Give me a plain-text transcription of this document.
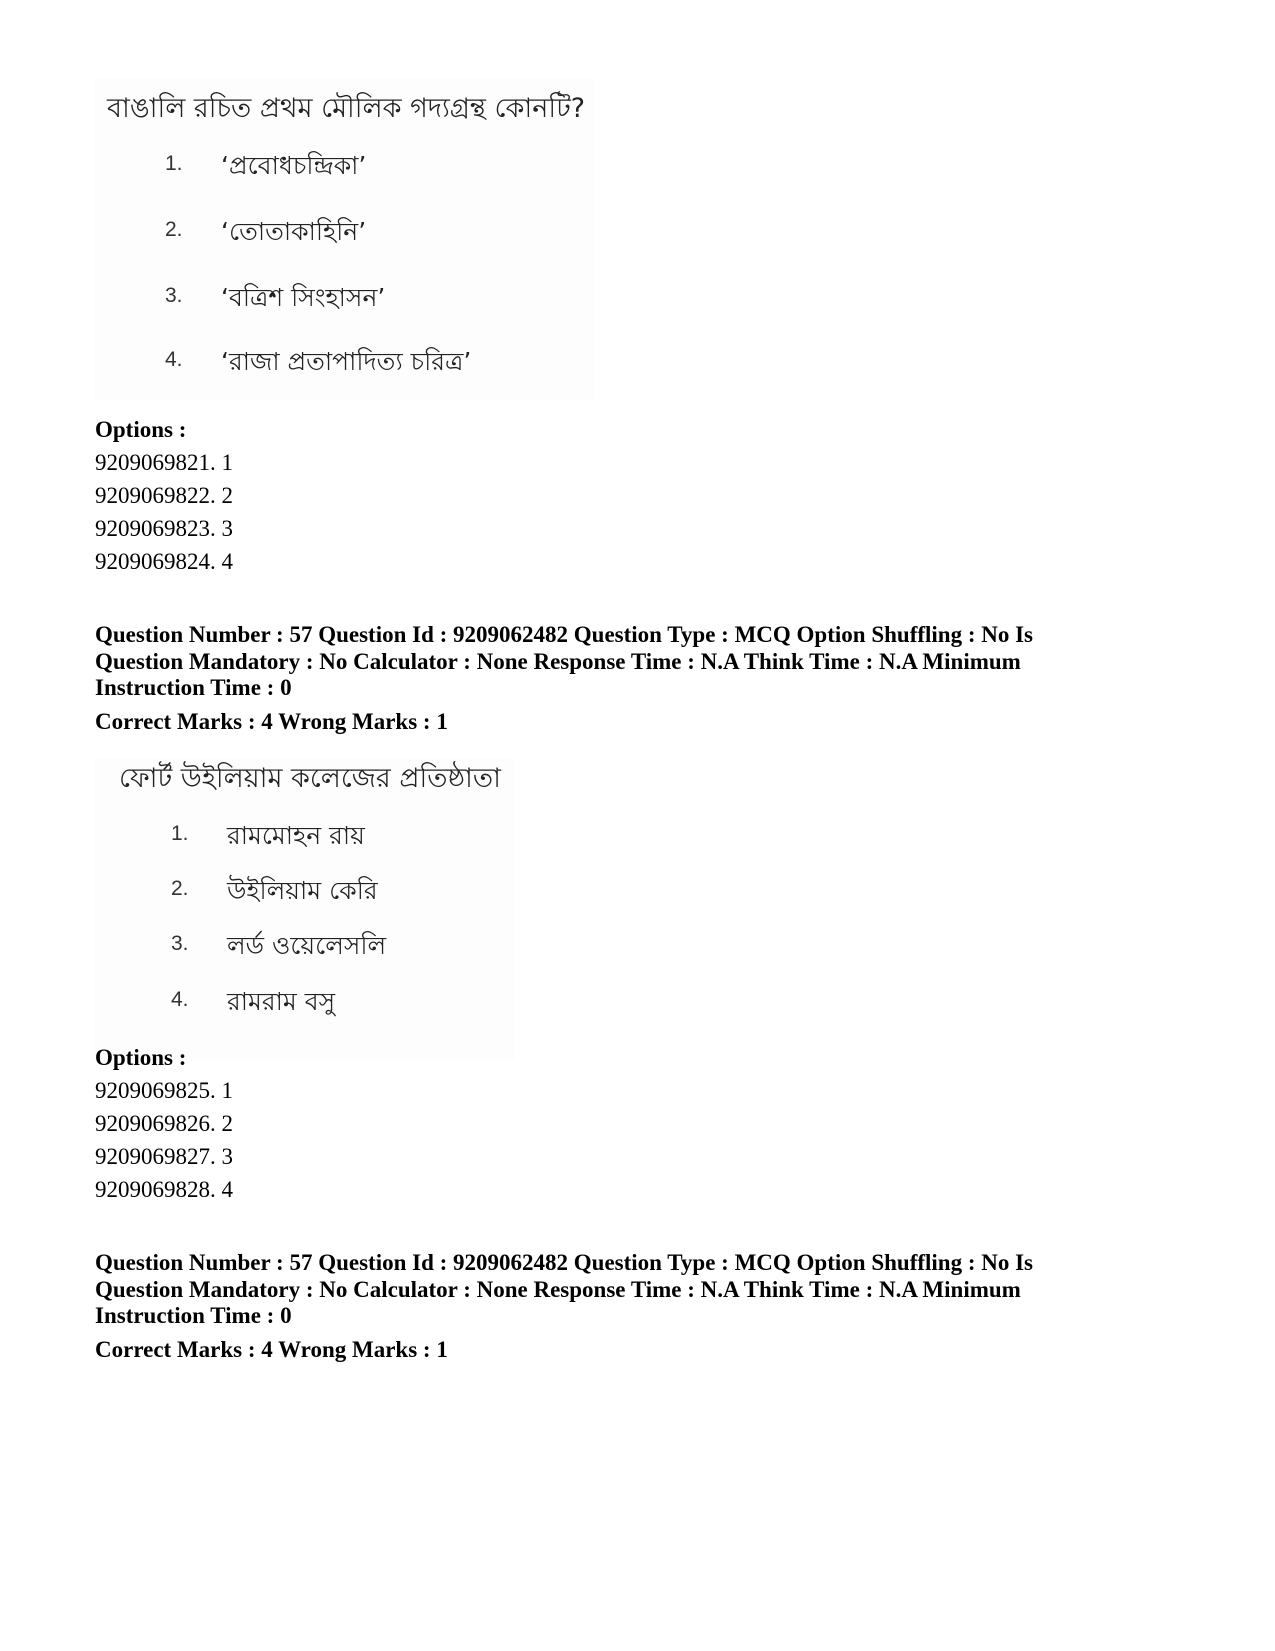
বাঙালি রচিত প্রথম মৌলিক গদ্যগ্রন্থ কোনটি?
1. ‘প্রবোধচন্দ্রিকা’
2. ‘তোতাকাহিনি’
3. ‘বত্রিশ সিংহাসন’
4. ‘রাজা প্রতাপাদিত্য চরিত্র’

Options :

9209069821. 1

9209069822. 2

9209069823. 3

9209069824. 4

Question Number : 57 Question Id : 9209062482 Question Type : MCQ Option Shuffling : No Is Question Mandatory : No Calculator : None Response Time : N.A Think Time : N.A Minimum Instruction Time : 0

Correct Marks : 4 Wrong Marks : 1

ফোর্ট উইলিয়াম কলেজের প্রতিষ্ঠাতা
1. রামমোহন রায়
2. উইলিয়াম কেরি
3. লর্ড ওয়েলেসলি
4. রামরাম বসু

Options :

9209069825. 1

9209069826. 2

9209069827. 3

9209069828. 4

Question Number : 57 Question Id : 9209062482 Question Type : MCQ Option Shuffling : No Is Question Mandatory : No Calculator : None Response Time : N.A Think Time : N.A Minimum Instruction Time : 0

Correct Marks : 4 Wrong Marks : 1
